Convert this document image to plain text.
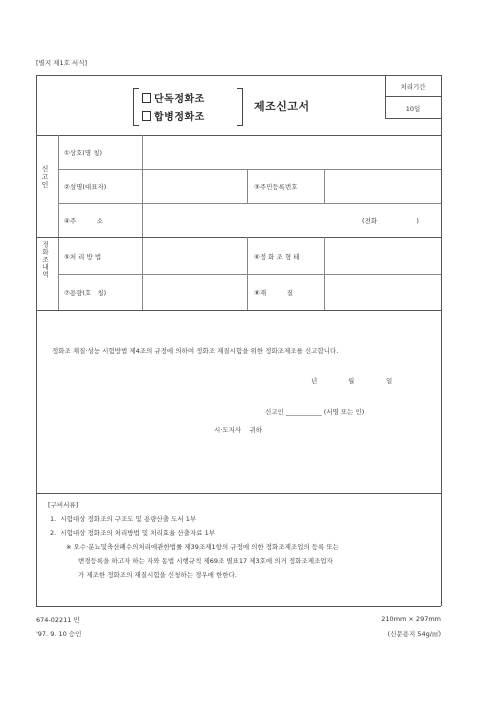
[별지 제1호 서식]
단독정화조
합병정화조
제조신고서
처리기간
10일
신고인
정화조내역
①상호(명 칭)
②성명(대표자)	③주민등록번호
④주          소	(전화                   )
⑤처 리 방 법	⑥정 화 조 형 태
⑦용량(호   칭)	⑧재          질
정화조 재질·성능 시험방법 제4조의 규정에 의하여 정화조 재질시험을 위한 정화조제조를 신고합니다.
년	월	일
신고인 ___________ (서명 또는 인)
시·도지사    귀하
[구비서류]
1.  시험대상 정화조의 구조도 및 용량산출 도서 1부
2.  시험대상 정화조의 처리방법 및 처리효율 산출자료 1부
※ 오수·분뇨및축산폐수의처리에관한법률 제39조제1항의 규정에 의한 정화조제조업의 등록 또는
변경등록을 하고자 하는 자와 동법 시행규칙 제69조 별표17 제3호에 의거 정화조제조업자
가 제조한 정화조의 재질시험을 신청하는 경우에 한한다.
674-02211 민
'97. 9. 10 승인
210mm × 297mm
(신문용지 54g/㎡)
